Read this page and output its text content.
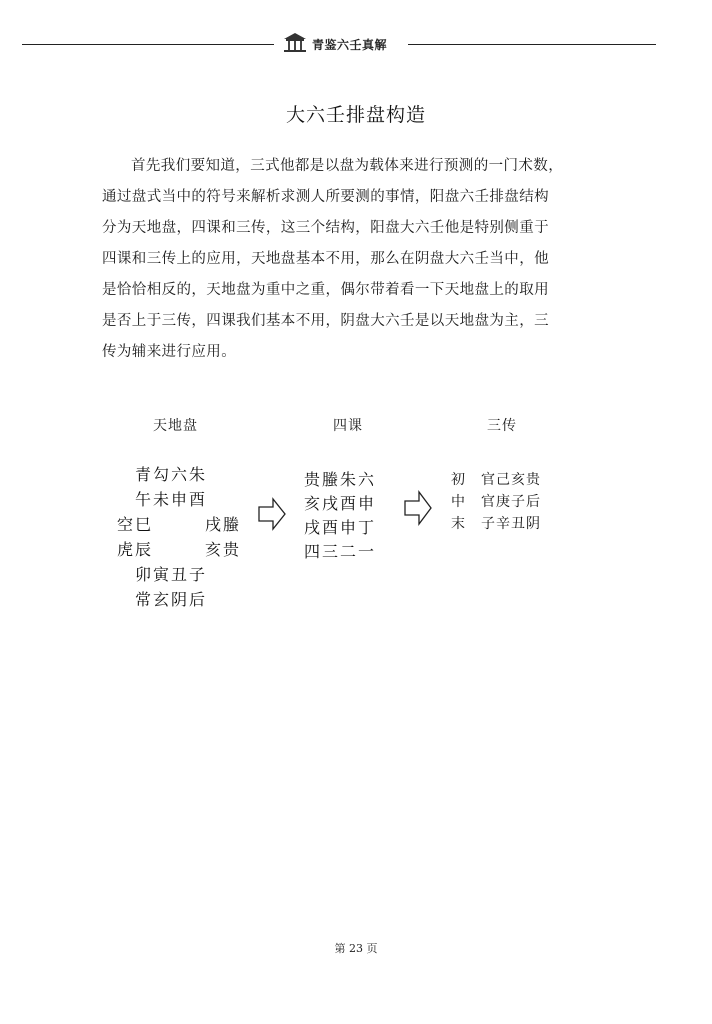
青鉴六壬真解
大六壬排盘构造
首先我们要知道，三式他都是以盘为载体来进行预测的一门术数，
通过盘式当中的符号来解析求测人所要测的事情，阳盘六壬排盘结构
分为天地盘，四课和三传，这三个结构，阳盘大六壬他是特别侧重于
四课和三传上的应用，天地盘基本不用，那么在阴盘大六壬当中，他
是恰恰相反的，天地盘为重中之重，偶尔带着看一下天地盘上的取用
是否上于三传，四课我们基本不用，阴盘大六壬是以天地盘为主，三
传为辅来进行应用。
天地盘	四课	三传
青勾六朱
午未申酉
空巳	戌螣
虎辰	亥贵
卯寅丑子
常玄阴后
贵螣朱六
亥戌酉申
戌酉申丁
四三二一
初 官己亥贵
中 官庚子后
末 子辛丑阴
第 23 页
